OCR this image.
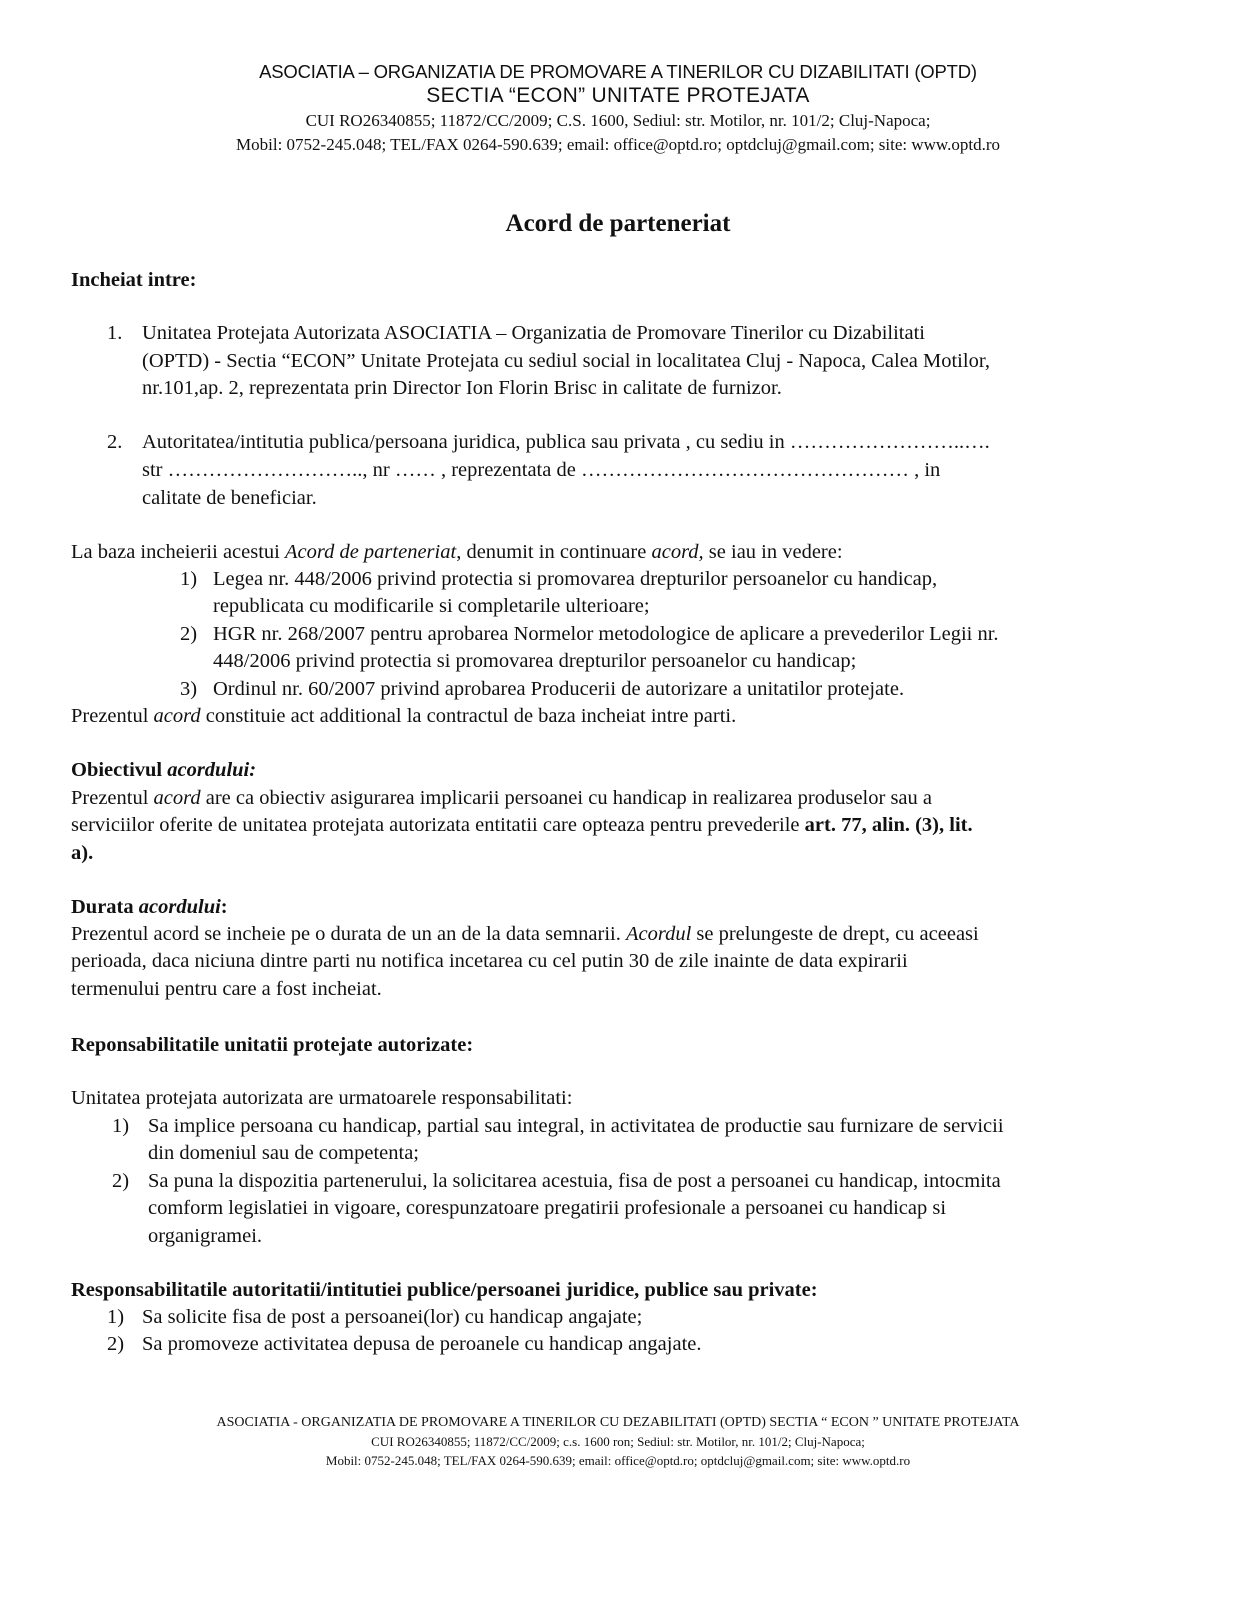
ASOCIATIA – ORGANIZATIA DE PROMOVARE A TINERILOR CU DIZABILITATI (OPTD)
SECTIA “ECON” UNITATE PROTEJATA
CUI RO26340855; 11872/CC/2009; C.S. 1600, Sediul: str. Motilor, nr. 101/2; Cluj-Napoca;
Mobil: 0752-245.048; TEL/FAX 0264-590.639; email: office@optd.ro; optdcluj@gmail.com; site: www.optd.ro
Acord de parteneriat
Incheiat intre:
1. Unitatea Protejata Autorizata ASOCIATIA – Organizatia de Promovare Tinerilor cu Dizabilitati
(OPTD) - Sectia “ECON” Unitate Protejata cu sediul social in localitatea Cluj - Napoca, Calea Motilor,
nr.101,ap. 2, reprezentata prin Director Ion Florin Brisc in calitate de furnizor.
2. Autoritatea/intitutia publica/persoana juridica, publica sau privata , cu sediu in ……………………..….
str ……………………….., nr …… , reprezentata de ………………………………………… , in
calitate de beneficiar.
La baza incheierii acestui Acord de parteneriat, denumit in continuare acord, se iau in vedere:
1) Legea nr. 448/2006 privind protectia si promovarea drepturilor persoanelor cu handicap,
republicata cu modificarile si completarile ulterioare;
2) HGR nr. 268/2007 pentru aprobarea Normelor metodologice de aplicare a prevederilor Legii nr.
448/2006 privind protectia si promovarea drepturilor persoanelor cu handicap;
3) Ordinul nr. 60/2007 privind aprobarea Producerii de autorizare a unitatilor protejate.
Prezentul acord constituie act additional la contractul de baza incheiat intre parti.
Obiectivul acordului:
Prezentul acord are ca obiectiv asigurarea implicarii persoanei cu handicap in realizarea produselor sau a
serviciilor oferite de unitatea protejata autorizata entitatii care opteaza pentru prevederile art. 77, alin. (3), lit.
a).
Durata acordului:
Prezentul acord se incheie pe o durata de un an de la data semnarii. Acordul se prelungeste de drept, cu aceeasi
perioada, daca niciuna dintre parti nu notifica incetarea cu cel putin 30 de zile inainte de data expirarii
termenului pentru care a fost incheiat.
Reponsabilitatile unitatii protejate autorizate:
Unitatea protejata autorizata are urmatoarele responsabilitati:
1) Sa implice persoana cu handicap, partial sau integral, in activitatea de productie sau furnizare de servicii
din domeniul sau de competenta;
2) Sa puna la dispozitia partenerului, la solicitarea acestuia, fisa de post a persoanei cu handicap, intocmita
comform legislatiei in vigoare, corespunzatoare pregatirii profesionale a persoanei cu handicap si
organigramei.
Responsabilitatile autoritatii/intitutiei publice/persoanei juridice, publice sau private:
1) Sa solicite fisa de post a persoanei(lor) cu handicap angajate;
2) Sa promoveze activitatea depusa de peroanele cu handicap angajate.
ASOCIATIA - ORGANIZATIA DE PROMOVARE A TINERILOR CU DEZABILITATI (OPTD) SECTIA “ ECON ” UNITATE PROTEJATA
CUI RO26340855; 11872/CC/2009; c.s. 1600 ron; Sediul: str. Motilor, nr. 101/2; Cluj-Napoca;
Mobil: 0752-245.048; TEL/FAX 0264-590.639; email: office@optd.ro; optdcluj@gmail.com; site: www.optd.ro
